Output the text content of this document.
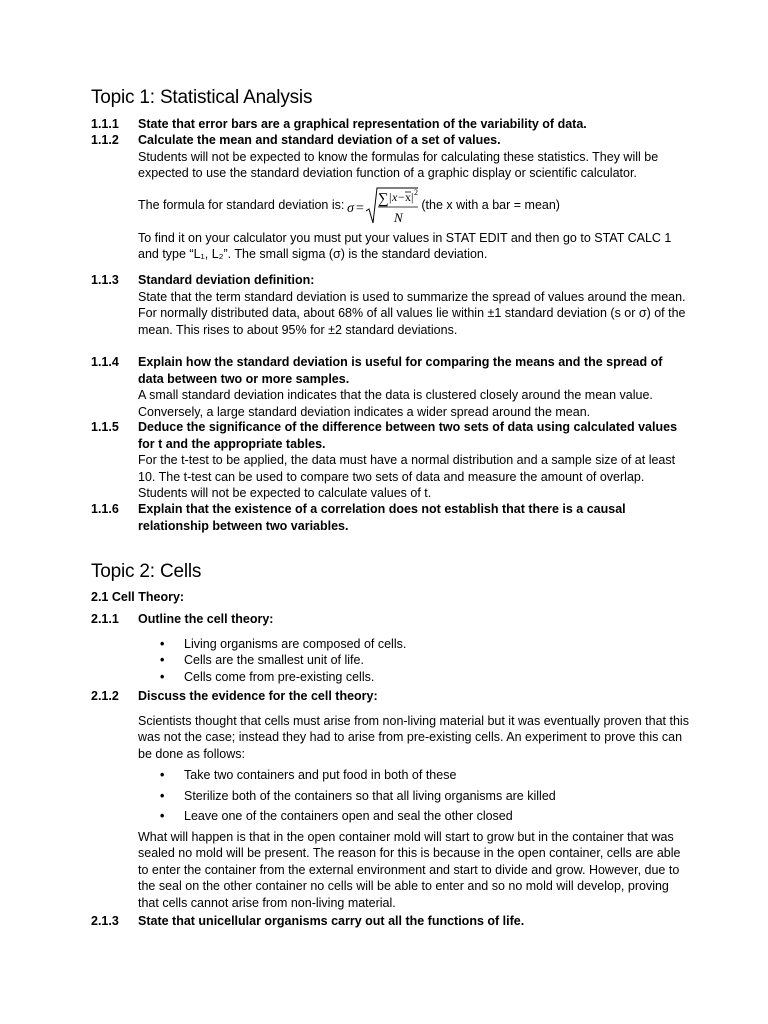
Topic 1: Statistical Analysis
1.1.1 State that error bars are a graphical representation of the variability of data.
1.1.2 Calculate the mean and standard deviation of a set of values.

Students will not be expected to know the formulas for calculating these statistics. They will be expected to use the standard deviation function of a graphic display or scientific calculator.

The formula for standard deviation is: σ =
∑ | x − x | 2
N
(the x with a bar = mean)

To find it on your calculator you must put your values in STAT EDIT and then go to STAT CALC 1 and type “L₁, L₂”. The small sigma (σ) is the standard deviation.

1.1.3 Standard deviation definition:

State that the term standard deviation is used to summarize the spread of values around the mean.

For normally distributed data, about 68% of all values lie within ±1 standard deviation (s or σ) of the mean. This rises to about 95% for ±2 standard deviations.

1.1.4 Explain how the standard deviation is useful for comparing the means and the spread of data between two or more samples.

A small standard deviation indicates that the data is clustered closely around the mean value. Conversely, a large standard deviation indicates a wider spread around the mean.

1.1.5 Deduce the significance of the difference between two sets of data using calculated values for t and the appropriate tables.

For the t-test to be applied, the data must have a normal distribution and a sample size of at least 10. The t-test can be used to compare two sets of data and measure the amount of overlap. Students will not be expected to calculate values of t.

1.1.6 Explain that the existence of a correlation does not establish that there is a causal relationship between two variables.
Topic 2: Cells
2.1 Cell Theory:
2.1.1 Outline the cell theory:
• Living organisms are composed of cells.
• Cells are the smallest unit of life.
• Cells come from pre-existing cells.
2.1.2 Discuss the evidence for the cell theory:

Scientists thought that cells must arise from non-living material but it was eventually proven that this was not the case; instead they had to arise from pre-existing cells. An experiment to prove this can be done as follows:

• Take two containers and put food in both of these
• Sterilize both of the containers so that all living organisms are killed
• Leave one of the containers open and seal the other closed

What will happen is that in the open container mold will start to grow but in the container that was sealed no mold will be present. The reason for this is because in the open container, cells are able to enter the container from the external environment and start to divide and grow. However, due to the seal on the other container no cells will be able to enter and so no mold will develop, proving that cells cannot arise from non-living material.

2.1.3 State that unicellular organisms carry out all the functions of life.
